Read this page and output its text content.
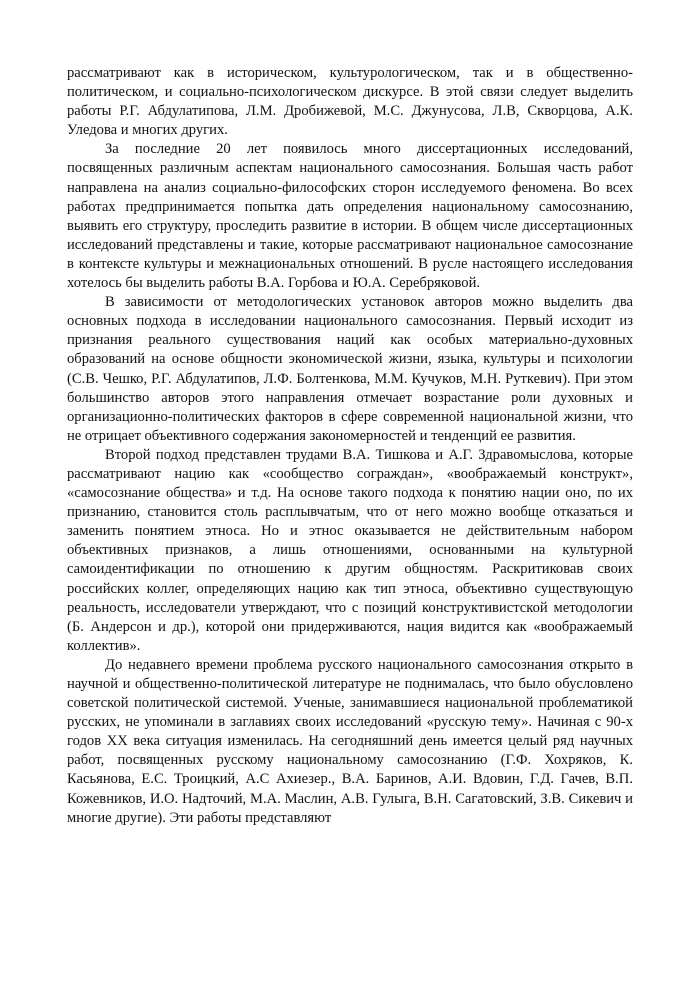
рассматривают как в историческом, культурологическом, так и в общественно-политическом, и социально-психологическом дискурсе. В этой связи следует выделить работы Р.Г. Абдулатипова, Л.М. Дробижевой, М.С. Джунусова, Л.В, Скворцова, А.К. Уледова и многих других.

За последние 20 лет появилось много диссертационных исследований, посвященных различным аспектам национального самосознания. Большая часть работ направлена на анализ социально-философских сторон исследуемого феномена. Во всех работах предпринимается попытка дать определения национальному самосознанию, выявить его структуру, проследить развитие в истории. В общем числе диссертационных исследований представлены и такие, которые рассматривают национальное самосознание в контексте культуры и межнациональных отношений. В русле настоящего исследования хотелось бы выделить работы В.А. Горбова и Ю.А. Серебряковой.

В зависимости от методологических установок авторов можно выделить два основных подхода в исследовании национального самосознания. Первый исходит из признания реального существования наций как особых материально-духовных образований на основе общности экономической жизни, языка, культуры и психологии (С.В. Чешко, Р.Г. Абдулатипов, Л.Ф. Болтенкова, М.М. Кучуков, М.Н. Руткевич). При этом большинство авторов этого направления отмечает возрастание роли духовных и организационно-политических факторов в сфере современной национальной жизни, что не отрицает объективного содержания закономерностей и тенденций ее развития.

Второй подход представлен трудами В.А. Тишкова и А.Г. Здравомыслова, которые рассматривают нацию как «сообщество сограждан», «воображаемый конструкт», «самосознание общества» и т.д. На основе такого подхода к понятию нации оно, по их признанию, становится столь расплывчатым, что от него можно вообще отказаться и заменить понятием этноса. Но и этнос оказывается не действительным набором объективных признаков, а лишь отношениями, основанными на культурной самоидентификации по отношению к другим общностям. Раскритиковав своих российских коллег, определяющих нацию как тип этноса, объективно существующую реальность, исследователи утверждают, что с позиций конструктивистской методологии (Б. Андерсон и др.), которой они придерживаются, нация видится как «воображаемый коллектив».

До недавнего времени проблема русского национального самосознания открыто в научной и общественно-политической литературе не поднималась, что было обусловлено советской политической системой. Ученые, занимавшиеся национальной проблематикой русских, не упоминали в заглавиях своих исследований «русскую тему». Начиная с 90-х годов XX века ситуация изменилась. На сегодняшний день имеется целый ряд научных работ, посвященных русскому национальному самосознанию (Г.Ф. Хохряков, К. Касьянова, Е.С. Троицкий, А.С Ахиезер., В.А. Баринов, А.И. Вдовин, Г.Д. Гачев, В.П. Кожевников, И.О. Надточий, М.А. Маслин, А.В. Гулыга, В.Н. Сагатовский, З.В. Сикевич и многие другие). Эти работы представляют
